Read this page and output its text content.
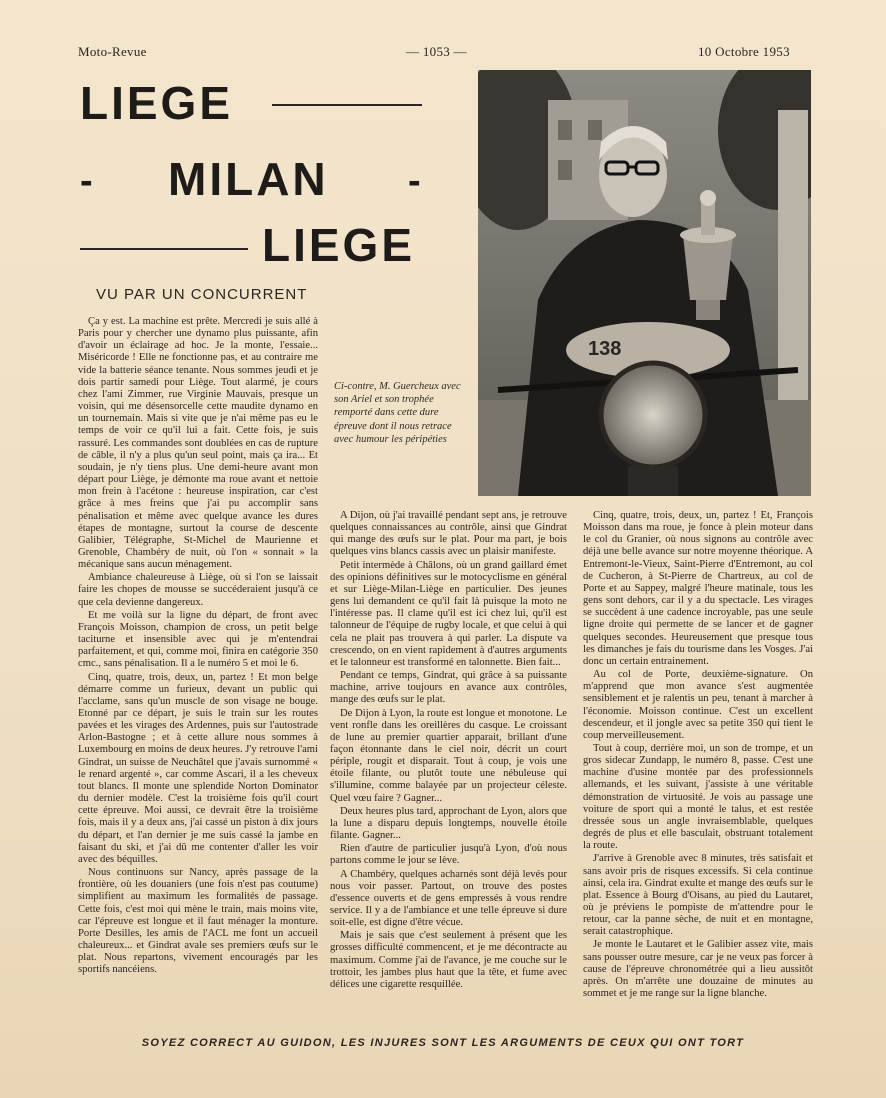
Moto-Revue	— 1053 —	10 Octobre 1953
LIEGE
- MILAN -
LIEGE
VU PAR UN CONCURRENT
138
Ci-contre, M. Guercheux avec son Ariel et son trophée remporté dans cette dure épreuve dont il nous retrace avec humour les péripéties

Ça y est. La machine est prête. Mercredi je suis allé à Paris pour y chercher une dynamo plus puissante, afin d'avoir un éclairage ad hoc. Je la monte, l'essaie... Miséricorde ! Elle ne fonctionne pas, et au contraire me vide la batterie séance tenante. Nous sommes jeudi et je dois partir samedi pour Liège. Tout alarmé, je cours chez l'ami Zimmer, rue Virginie Mauvais, presque un voisin, qui me désensorcelle cette maudite dynamo en un tournemain. Mais si vite que je n'ai même pas eu le temps de voir ce qu'il lui a fait. Cette fois, je suis rassuré. Les commandes sont doublées en cas de rupture de câble, il n'y a plus qu'un seul point, mais ça ira... Et soudain, je n'y tiens plus. Une demi-heure avant mon départ pour Liège, je démonte ma roue avant et nettoie mon frein à l'acétone : heureuse inspiration, car c'est grâce à mes freins que j'ai pu accomplir sans pénalisation et même avec quelque avance les dures étapes de montagne, surtout la course de descente Galibier, Télégraphe, St-Michel de Maurienne et Grenoble, Chambéry de nuit, où l'on « sonnait » la mécanique sans aucun ménagement.

Ambiance chaleureuse à Liège, où si l'on se laissait faire les chopes de mousse se succéderaient jusqu'à ce que cela devienne dangereux.

Et me voilà sur la ligne du départ, de front avec François Moisson, champion de cross, un petit belge taciturne et insensible avec qui je m'entendrai parfaitement, et qui, comme moi, finira en catégorie 350 cmc., sans pénalisation. Il a le numéro 5 et moi le 6.

Cinq, quatre, trois, deux, un, partez ! Et mon belge démarre comme un furieux, devant un public qui l'acclame, sans qu'un muscle de son visage ne bouge. Etonné par ce départ, je suis le train sur les routes pavées et les virages des Ardennes, puis sur l'autostrade Arlon-Bastogne ; et à cette allure nous sommes à Luxembourg en moins de deux heures. J'y retrouve l'ami Gindrat, un suisse de Neuchâtel que j'avais surnommé « le renard argenté », car comme Ascari, il a les cheveux tout blancs. Il monte une splendide Norton Dominator du dernier modèle. C'est la troisième fois qu'il court cette épreuve. Moi aussi, ce devrait être la troisième fois, mais il y a deux ans, j'ai cassé un piston à dix jours du départ, et l'an dernier je me suis cassé la jambe en faisant du ski, et j'ai dû me contenter d'aller les voir avec des béquilles.

Nous continuons sur Nancy, après passage de la frontière, où les douaniers (une fois n'est pas coutume) simplifient au maximum les formalités de passage. Cette fois, c'est moi qui mène le train, mais moins vite, car l'épreuve est longue et il faut ménager la monture. Porte Desilles, les amis de l'ACL me font un accueil chaleureux... et Gindrat avale ses premiers œufs sur le plat. Nous repartons, vivement encouragés par les sportifs nancéiens.

A Dijon, où j'ai travaillé pendant sept ans, je retrouve quelques connaissances au contrôle, ainsi que Gindrat qui mange des œufs sur le plat. Pour ma part, je bois quelques vins blancs cassis avec un plaisir manifeste.

Petit intermède à Châlons, où un grand gaillard émet des opinions définitives sur le motocyclisme en général et sur Liège-Milan-Liège en particulier. Des jeunes gens lui demandent ce qu'il fait là puisque la moto ne l'intéresse pas. Il clame qu'il est ici chez lui, qu'il est talonneur de l'équipe de rugby locale, et que celui à qui cela ne plait pas trouvera à qui parler. La dispute va crescendo, on en vient rapidement à d'autres arguments et le talonneur est transformé en talonnette. Bien fait...

Pendant ce temps, Gindrat, qui grâce à sa puissante machine, arrive toujours en avance aux contrôles, mange des œufs sur le plat.

De Dijon à Lyon, la route est longue et monotone. Le vent ronfle dans les oreillères du casque. Le croissant de lune au premier quartier apparait, brillant d'une façon étonnante dans le ciel noir, décrit un court périple, rougit et disparait. Tout à coup, je vois une étoile filante, ou plutôt toute une nébuleuse qui s'illumine, comme balayée par un projecteur céleste. Quel vœu faire ? Gagner...

Deux heures plus tard, approchant de Lyon, alors que la lune a disparu depuis longtemps, nouvelle étoile filante. Gagner...

Rien d'autre de particulier jusqu'à Lyon, d'où nous partons comme le jour se lève.

A Chambéry, quelques acharnés sont déjà levés pour nous voir passer. Partout, on trouve des postes d'essence ouverts et de gens empressés à vous rendre service. Il y a de l'ambiance et une telle épreuve si dure soit-elle, est digne d'être vécue.

Mais je sais que c'est seulement à présent que les grosses difficulté commencent, et je me décontracte au maximum. Comme j'ai de l'avance, je me couche sur le trottoir, les jambes plus haut que la tête, et fume avec délices une cigarette resquillée.

Cinq, quatre, trois, deux, un, partez ! Et, François Moisson dans ma roue, je fonce à plein moteur dans le col du Granier, où nous signons au contrôle avec déjà une belle avance sur notre moyenne théorique. A Entremont-le-Vieux, Saint-Pierre d'Entremont, au col de Cucheron, à St-Pierre de Chartreux, au col de Porte et au Sappey, malgré l'heure matinale, tous les gens sont dehors, car il y a du spectacle. Les virages se succèdent à une cadence incroyable, pas une seule ligne droite qui permette de se lancer et de gagner quelques secondes. Heureusement que presque tous les dimanches je fais du tourisme dans les Vosges. J'ai donc un certain entrainement.

Au col de Porte, deuxième-signature. On m'apprend que mon avance s'est augmentée sensiblement et je ralentis un peu, tenant à marcher à l'économie. Moisson continue. C'est un excellent descendeur, et il jongle avec sa petite 350 qui tient le coup merveilleusement.

Tout à coup, derrière moi, un son de trompe, et un gros sidecar Zundapp, le numéro 8, passe. C'est une machine d'usine montée par des professionnels allemands, et les suivant, j'assiste à une véritable démonstration de virtuosité. Je vois au passage une voiture de sport qui a monté le talus, et est restée dressée sous un angle invraisemblable, quelques degrés de plus et elle basculait, obstruant totalement la route.

J'arrive à Grenoble avec 8 minutes, très satisfait et sans avoir pris de risques excessifs. Si cela continue ainsi, cela ira. Gindrat exulte et mange des œufs sur le plat. Essence à Bourg d'Oisans, au pied du Lautaret, où je préviens le pompiste de m'attendre pour le retour, car la panne sèche, de nuit et en montagne, serait catastrophique.

Je monte le Lautaret et le Galibier assez vite, mais sans pousser outre mesure, car je ne veux pas forcer à cause de l'épreuve chronométrée qui a lieu aussitôt après. On m'arrête une douzaine de minutes au sommet et je me range sur la ligne blanche.

SOYEZ CORRECT AU GUIDON, LES INJURES SONT LES ARGUMENTS DE CEUX QUI ONT TORT
